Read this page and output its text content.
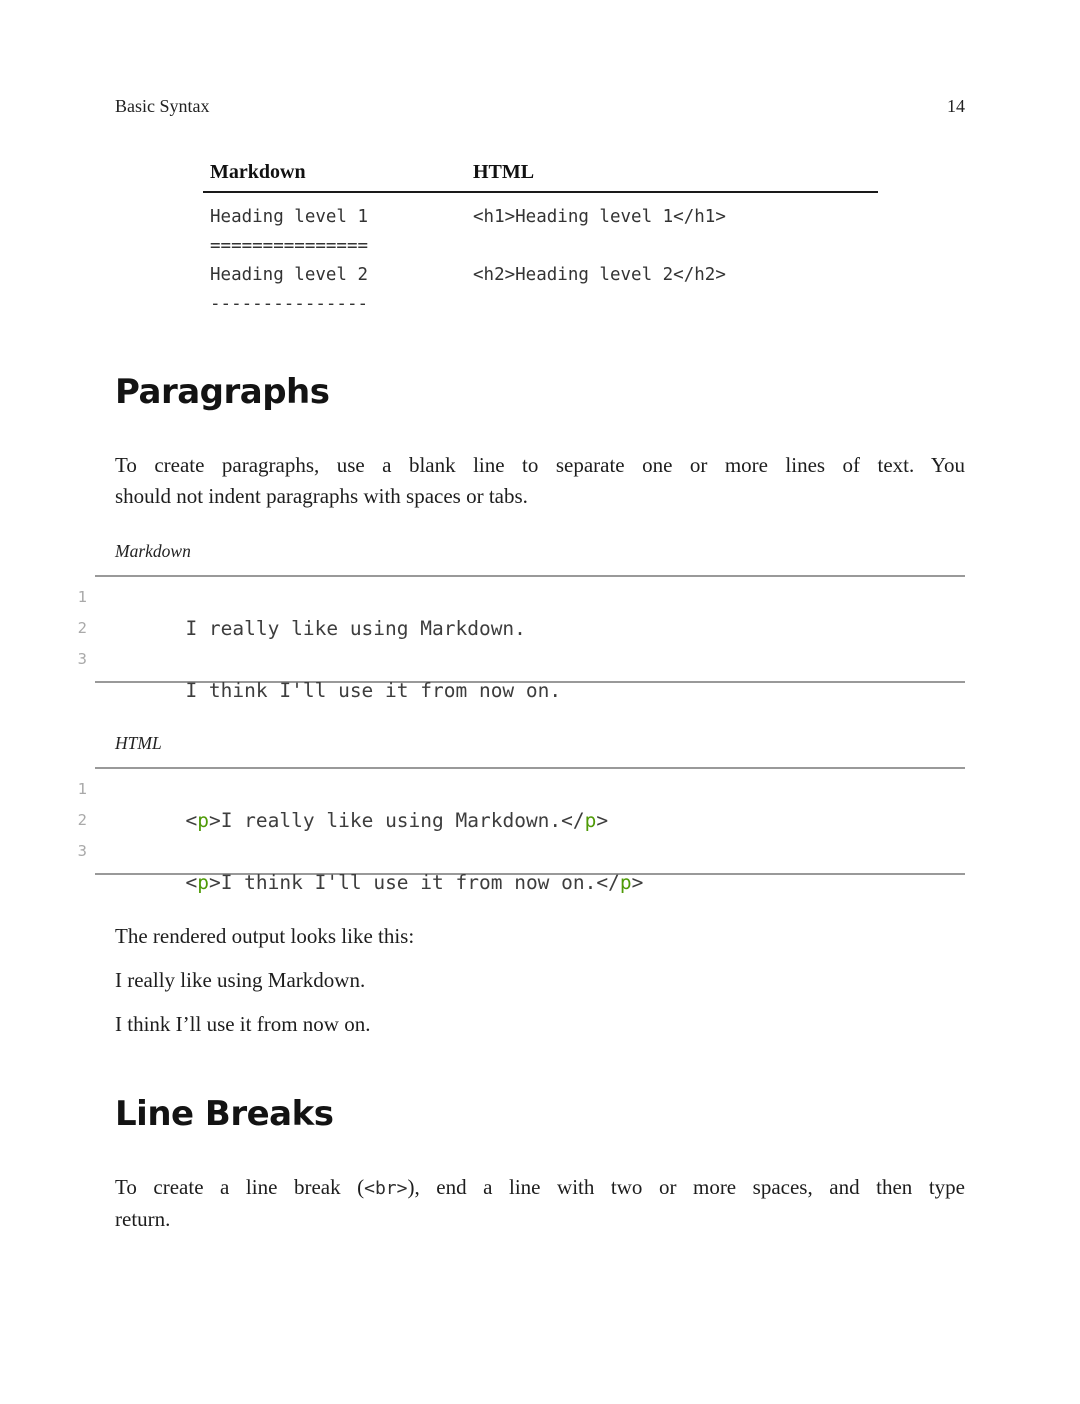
Basic Syntax	14
Markdown	HTML
Heading level 1	<h1>Heading level 1</h1>
===============
Heading level 2	<h2>Heading level 2</h2>
---------------
Paragraphs

To create paragraphs, use a blank line to separate one or more lines of text. You
should not indent paragraphs with spaces or tabs.

Markdown

1
I really like using Markdown.

2

3
I think I'll use it from now on.

HTML

1
<p>I really like using Markdown.</p>

2

3
<p>I think I'll use it from now on.</p>

The rendered output looks like this:

I really like using Markdown.

I think I’ll use it from now on.

Line Breaks

To create a line break (<br>), end a line with two or more spaces, and then type
return.
